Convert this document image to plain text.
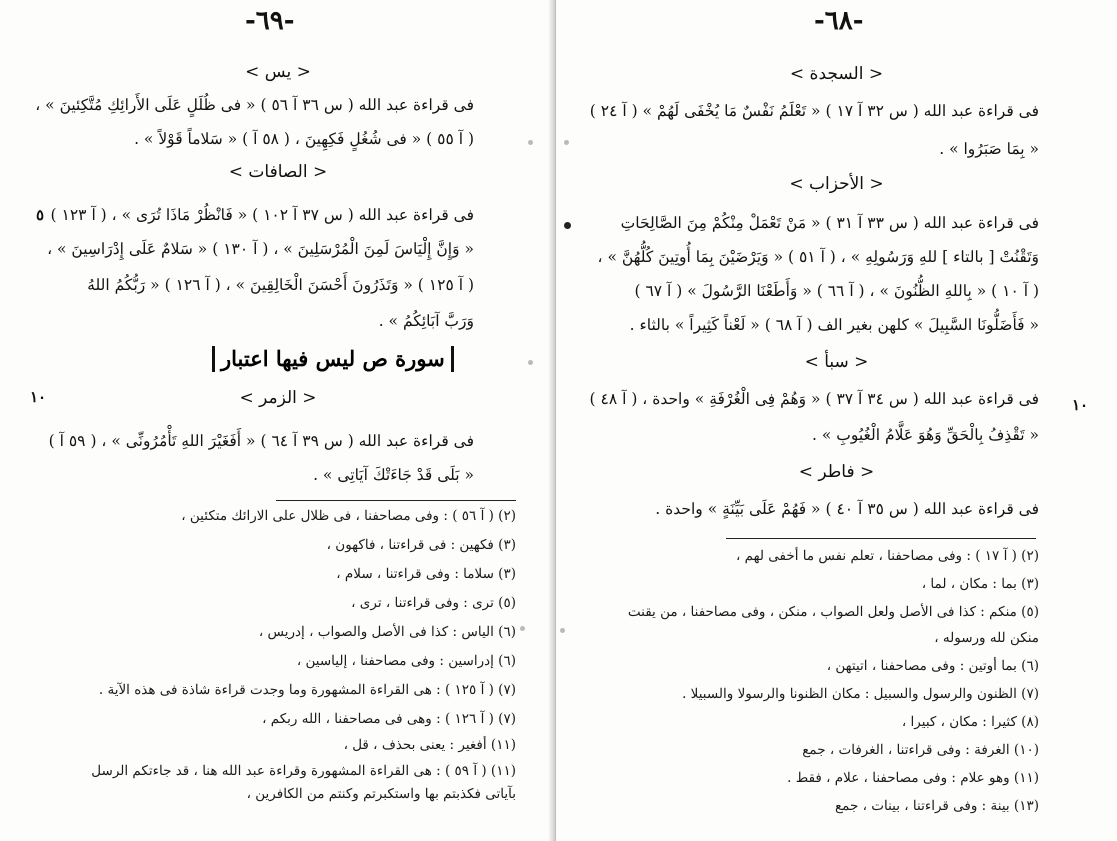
-٦٩-
< يس >
فى قراءة عبد الله ( س ٣٦ آ ٥٦ ) « فى ظُلَلٍ عَلَى الأَرائِكِ مُتَّكِئينَ » ،
( آ ٥٥ ) « فى شُغُلٍ فَكِهِينَ ، ( ٥٨ آ ) « سَلاماً قَوْلاً » .
< الصافات >
فى قراءة عبد الله ( س ٣٧ آ ١٠٢ ) « فَانْظُرْ مَاذَا تُرَى » ، ( آ ١٢٣ )
« وَإِنَّ إِلْيَاسَ لَمِنَ الْمُرْسَلِينَ » ، ( آ ١٣٠ ) « سَلامٌ عَلَى إِدْرَاسِينَ » ،
( آ ١٢٥ ) « وَتَذَرُونَ أَحْسَنَ الْخَالِقِينَ » ، ( آ ١٢٦ ) « رَبُّكُمُ اللهُ
وَرَبَّ آبَائِكُمُ » .
٥
سورة ص ليس فيها اعتبار
< الزمر >
١٠
فى قراءة عبد الله ( س ٣٩ آ ٦٤ ) « أَفَغَيْرَ اللهِ تَأْمُرُونِّى » ، ( ٥٩ آ )
« بَلَى قَدْ جَاءَتْكَ آيَاتِى » .
(٢) ( آ ٥٦ ) : وفى مصاحفنا ، فى ظلال على الارائك متكئين ،
(٣) فكهين : فى قراءتنا ، فاكهون ،
(٣) سلاما : وفى قراءتنا ، سلام ،
(٥) ترى : وفى قراءتنا ، ترى ،
(٦) الياس : كذا فى الأصل والصواب ، إدريس ،
(٦) إدراسين : وفى مصاحفنا ، إلياسين ،
(٧) ( آ ١٢٥ ) : هى القراءة المشهورة وما وجدت قراءة شاذة فى هذه الآية .
(٧) ( آ ١٢٦ ) : وهى فى مصاحفنا ، الله ربكم ،
(١١) أفغير : يعنى بحذف ، قل ،
(١١) ( آ ٥٩ ) : هى القراءة المشهورة وقراءة عبد الله هنا ، قد جاءتكم الرسل
بآياتى فكذبتم بها واستكبرتم وكنتم من الكافرين ،
-٦٨-
< السجدة >
فى قراءة عبد الله ( س ٣٢ آ ١٧ ) « تَعْلَمُ نَفْسٌ مَا يُخْفَى لَهُمْ » ( آ ٢٤ )
« بِمَا صَبَرُوا » .
< الأحزاب >
فى قراءة عبد الله ( س ٣٣ آ ٣١ ) « مَنْ تَعْمَلْ مِنْكُمْ مِنَ الصَّالِحَاتِ
وَتَقْنُتْ [ بالتاء ] للهِ وَرَسُولِهِ » ، ( آ ٥١ ) « وَيَرْضَيْنَ بِمَا أُوتِينَ كُلُّهُنَّ » ،
( آ ١٠ ) « بِاللهِ الظُّنُونَ » ، ( آ ٦٦ ) « وَأَطَعْنَا الرَّسُولَ » ( آ ٦٧ )
« فَأَضَلُّونَا السَّبِيلَ » كلهن بغير الف ( آ ٦٨ ) « لَعْناً كَثِيراً » بالثاء .
< سبأ >
١٠
فى قراءة عبد الله ( س ٣٤ آ ٣٧ ) « وَهُمْ فِى الْغُرْفَةِ » واحدة ، ( آ ٤٨ )
« تَقْذِفُ بِالْحَقِّ وَهُوَ عَلَّامُ الْغُيُوبِ » .
< فاطر >
فى قراءة عبد الله ( س ٣٥ آ ٤٠ ) « فَهُمْ عَلَى بَيِّنَةٍ » واحدة .
(٢) ( آ ١٧ ) : وفى مصاحفنا ، تعلم نفس ما أخفى لهم ،
(٣) بما : مكان ، لما ،
(٥) منكم : كذا فى الأصل ولعل الصواب ، منكن ، وفى مصاحفنا ، من يقنت
منكن لله ورسوله ،
(٦) بما أوتين : وفى مصاحفنا ، اتيتهن ،
(٧) الظنون والرسول والسبيل : مكان الظنونا والرسولا والسبيلا .
(٨) كثيرا : مكان ، كبيرا ،
(١٠) الغرفة : وفى قراءتنا ، الغرفات ، جمع
(١١) وهو علام : وفى مصاحفنا ، علام ، فقط .
(١٣) بينة : وفى قراءتنا ، بينات ، جمع
